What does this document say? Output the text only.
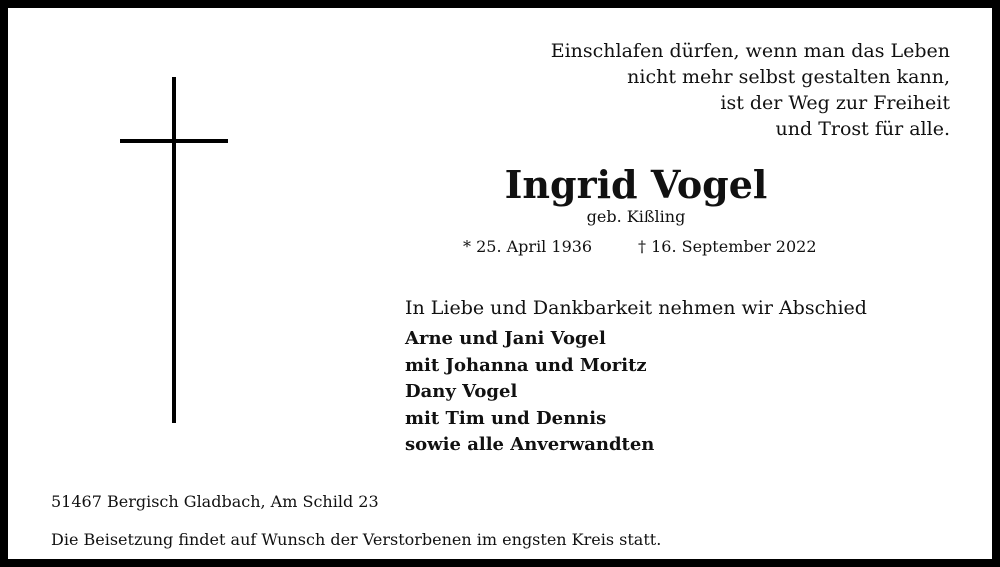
Einschlafen dürfen, wenn man das Leben
nicht mehr selbst gestalten kann,
ist der Weg zur Freiheit
und Trost für alle.
Ingrid Vogel
geb. Kißling
* 25. April 1936	† 16. September 2022
In Liebe und Dankbarkeit nehmen wir Abschied
Arne und Jani Vogel
mit Johanna und Moritz
Dany Vogel
mit Tim und Dennis
sowie alle Anverwandten
51467 Bergisch Gladbach, Am Schild 23
Die Beisetzung findet auf Wunsch der Verstorbenen im engsten Kreis statt.
